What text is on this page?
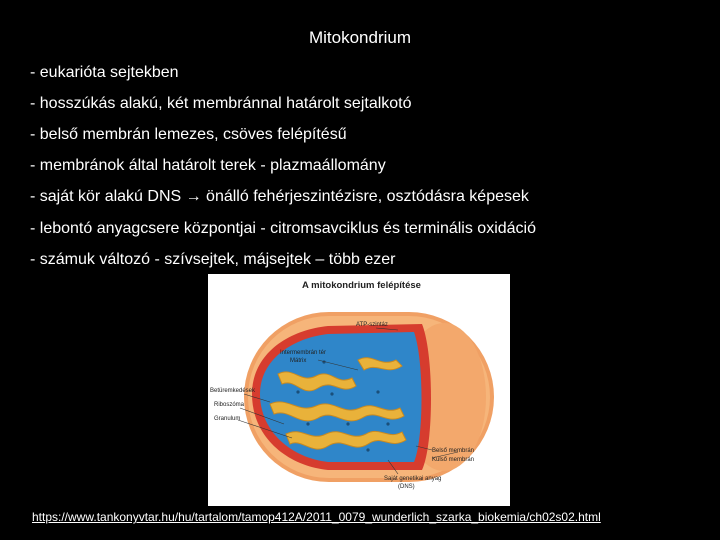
Mitokondrium
- eukarióta sejtekben
- hosszúkás alakú, két membránnal határolt sejtalkotó
- belső membrán lemezes, csöves felépítésű
- membránok által határolt terek - plazmaállomány
- saját kör alakú DNS → önálló fehérjeszintézisre, osztódásra képesek
- lebontó anyagcsere központjai - citromsavciklus és terminális oxidáció
- számuk változó - szívsejtek, májsejtek – több ezer
A mitokondrium felépítése
ATP-szintáz
Intermembrán tér
Mátrix
Betüremkedések
Riboszóma
Granulum
Belső membrán
Külső membrán
Saját genetikai anyag
(DNS)
https://www.tankonyvtar.hu/hu/tartalom/tamop412A/2011_0079_wunderlich_szarka_biokemia/ch02s02.html
